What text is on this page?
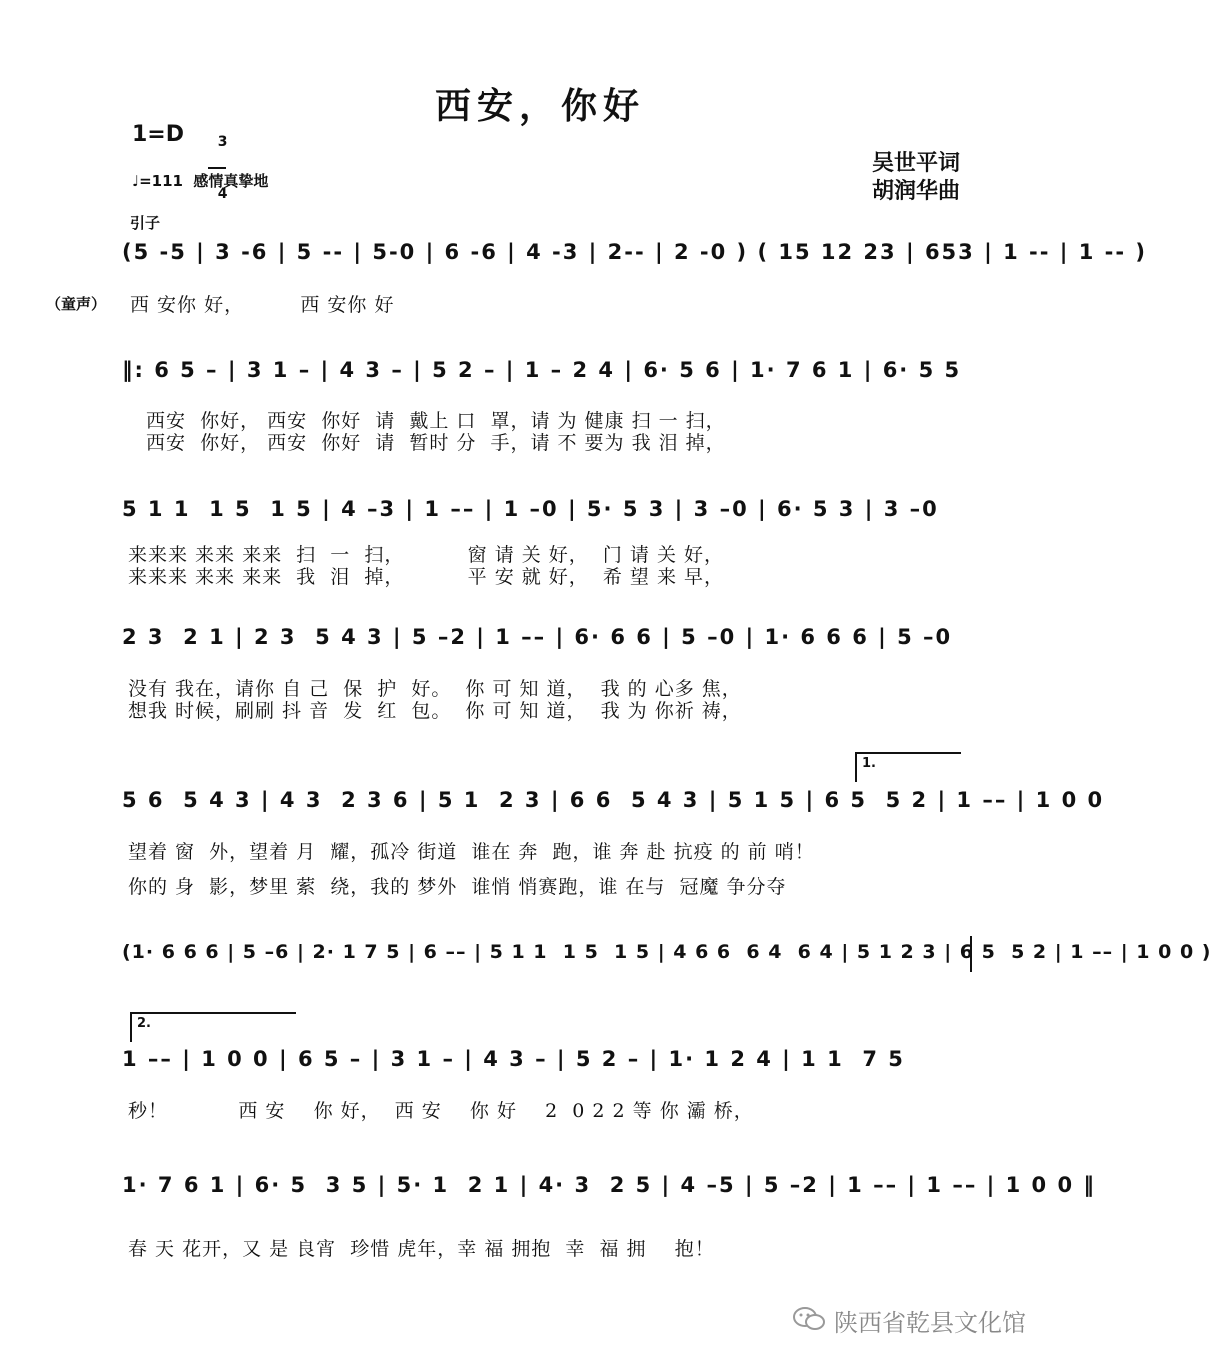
西安，你好
1=D	3

4

♩=111  感情真挚地
吴世平词
胡润华曲
引子
(5 -5 | 3 -6 | 5 -- | 5-0 | 6 -6 | 4 -3 | 2-- | 2 -0 ) ( 15 12 23 | 653 | 1 -- | 1 -- )
（童声） 西 安你 好，        西 安你 好
‖: 6 5 – | 3 1 – | 4 3 – | 5 2 – | 1 – 2 4 | 6· 5 6 | 1· 7 6 1 | 6· 5 5
西安  你好， 西安  你好  请  戴上 口  罩，请 为 健康 扫 一 扫，
西安  你好， 西安  你好  请  暂时 分  手，请 不 要为 我 泪 掉，
5 1 1  1 5  1 5 | 4 –3 | 1 –– | 1 –0 | 5· 5 3 | 3 –0 | 6· 5 3 | 3 –0
来来来 来来 来来  扫  一  扫，         窗 请 关 好，  门 请 关 好，
来来来 来来 来来  我  泪  掉，         平 安 就 好，  希 望 来 早，
2 3  2 1 | 2 3  5 4 3 | 5 –2 | 1 –– | 6· 6 6 | 5 –0 | 1· 6 6 6 | 5 –0
没有 我在，请你 自 己  保  护  好。  你 可 知 道，  我 的 心多 焦，
想我 时候，刷刷 抖 音  发  红  包。  你 可 知 道，  我 为 你祈 祷，
1.
5 6  5 4 3 | 4 3  2 3 6 | 5 1  2 3 | 6 6  5 4 3 | 5 1 5 | 6 5  5 2 | 1 –– | 1 0 0
望着 窗  外，望着 月  耀，孤冷 街道  谁在 奔  跑，谁 奔 赴 抗疫 的 前 哨！
你的 身  影，梦里 萦  绕，我的 梦外  谁悄 悄赛跑，谁 在与  冠魔 争分夺
(1· 6 6 6 | 5 –6 | 2· 1 7 5 | 6 –– | 5 1 1  1 5  1 5 | 4 6 6  6 4  6 4 | 5 1 2 3 | 6 5  5 2 | 1 –– | 1 0 0 )
2.
1 –– | 1 0 0 | 6 5 – | 3 1 – | 4 3 – | 5 2 – | 1· 1 2 4 | 1 1  7 5
秒！          西 安    你 好，  西 安    你 好    2  0 2 2 等 你 灞 桥，
1· 7 6 1 | 6· 5  3 5 | 5· 1  2 1 | 4· 3  2 5 | 4 –5 | 5 –2 | 1 –– | 1 –– | 1 0 0 ‖
春 天 花开，又 是 良宵  珍惜 虎年，幸 福 拥抱  幸  福 拥    抱！
陕西省乾县文化馆
